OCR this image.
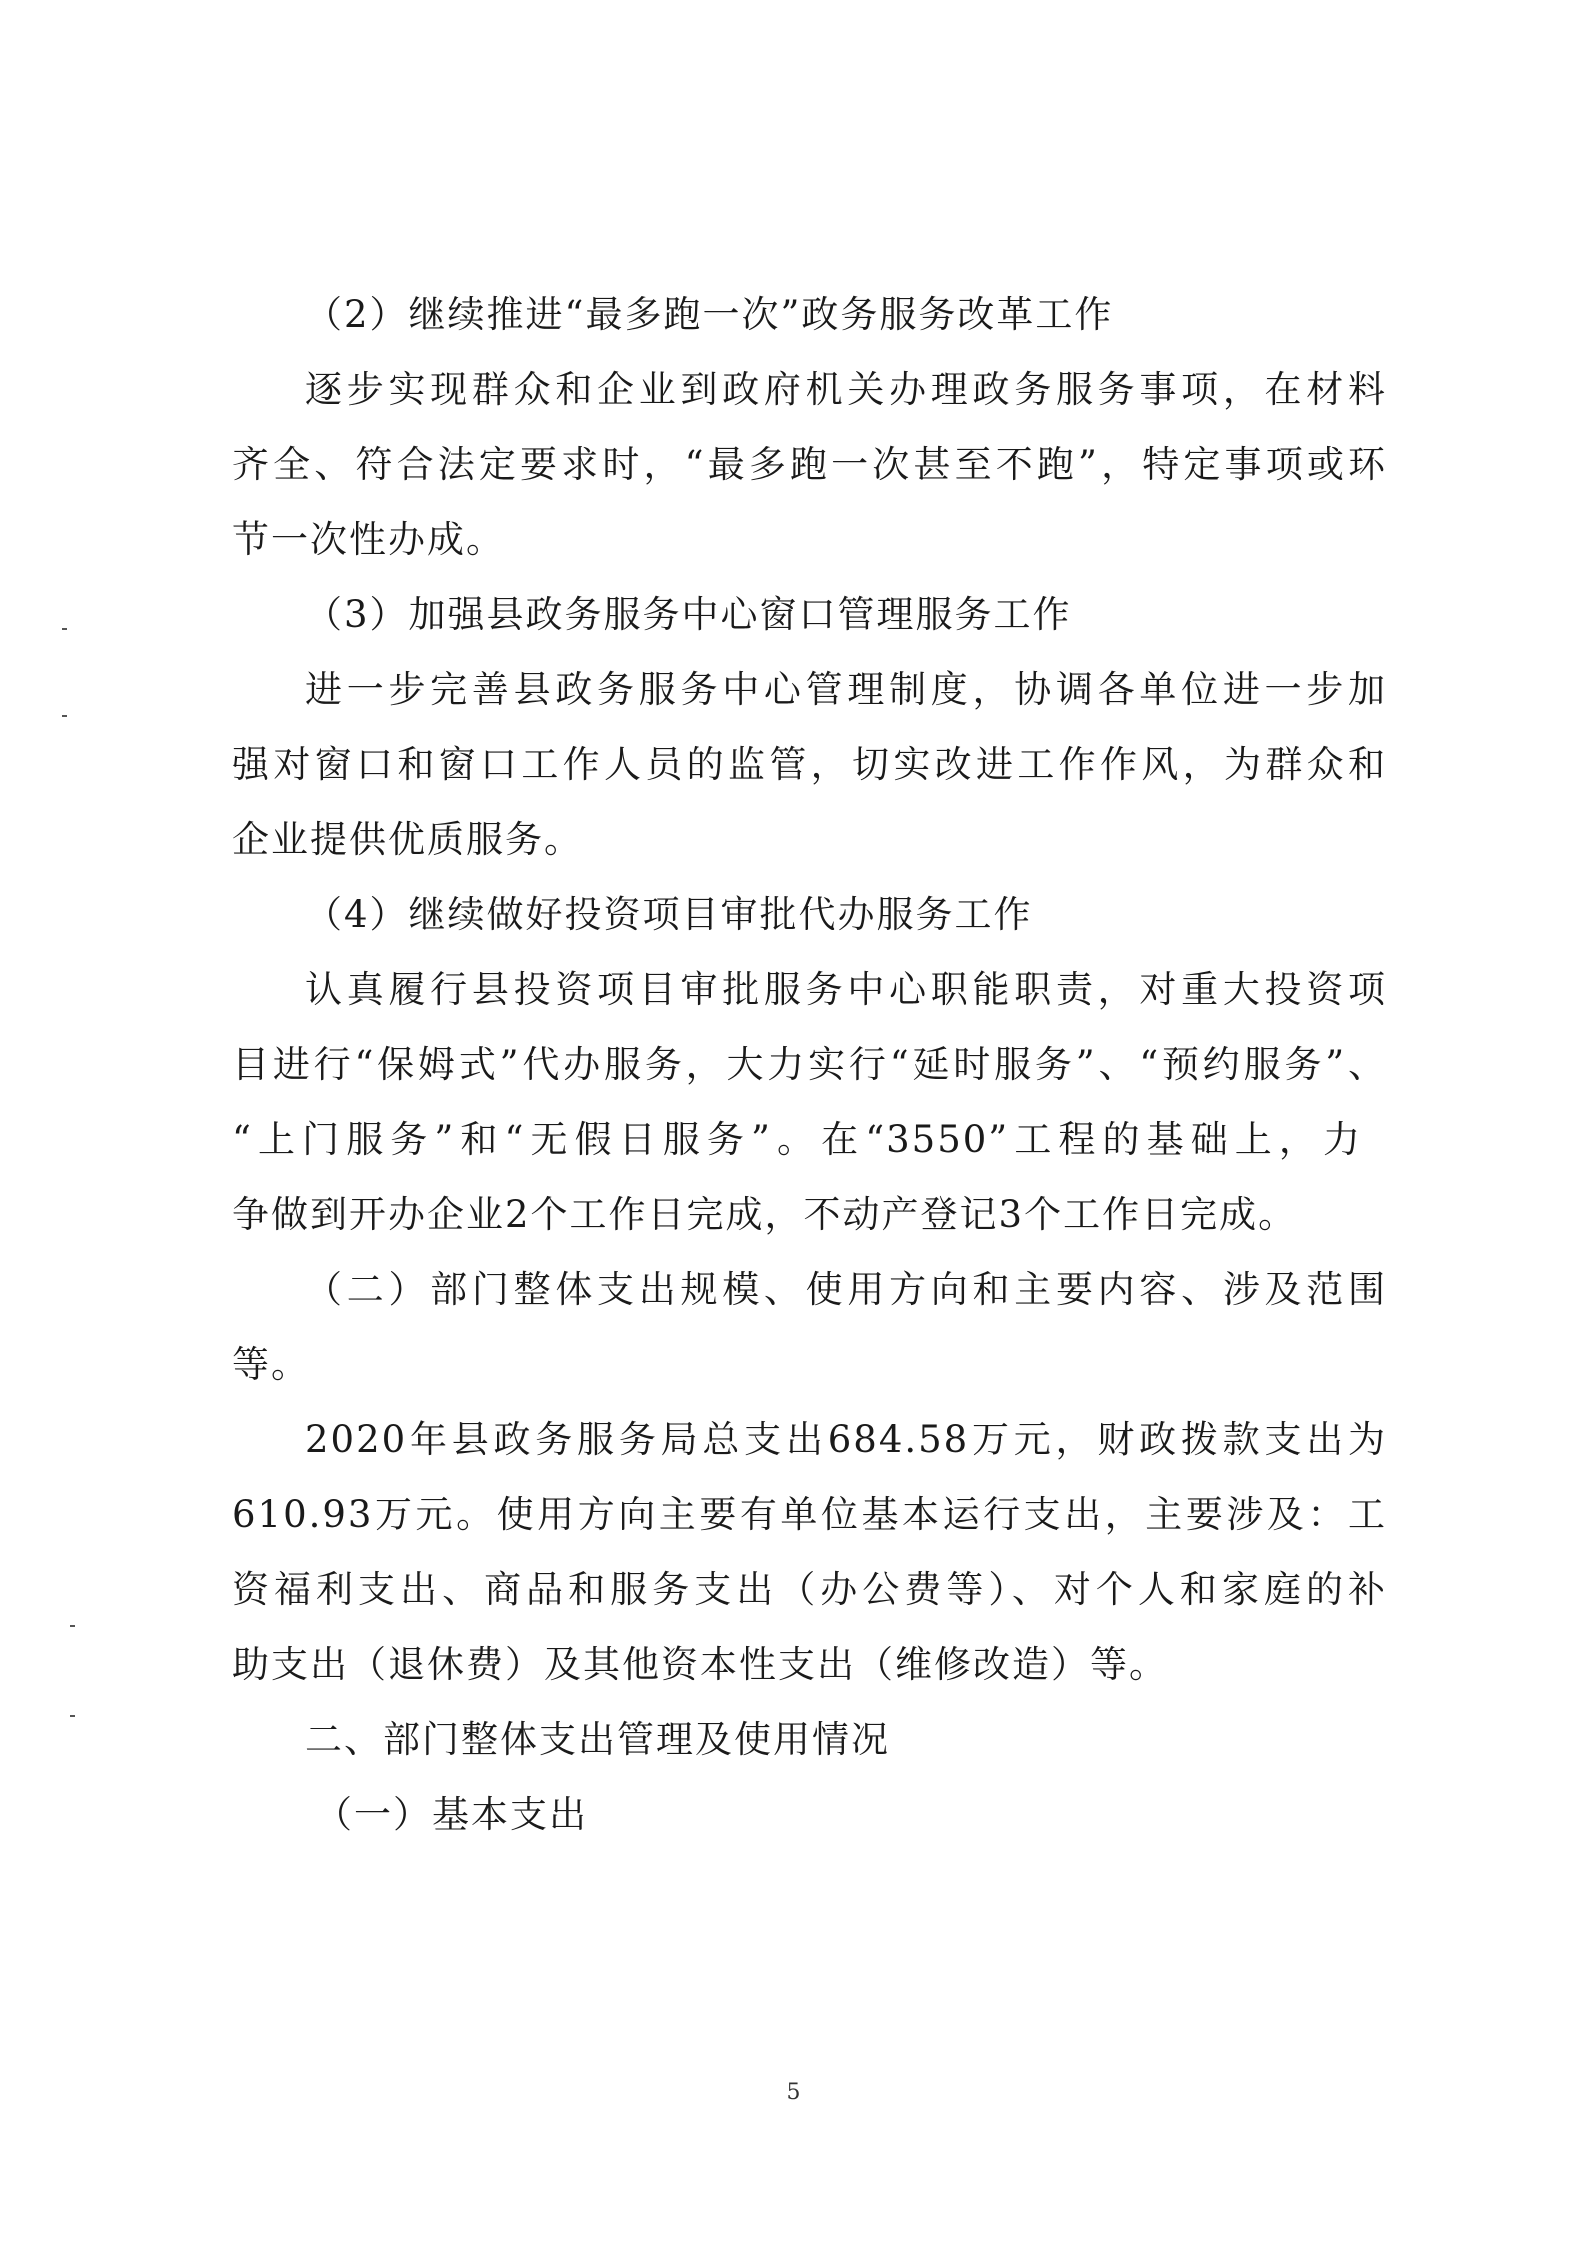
（2）继续推进“最多跑一次”政务服务改革工作
逐步实现群众和企业到政府机关办理政务服务事项，在材料
齐全、符合法定要求时，“最多跑一次甚至不跑”，特定事项或环
节一次性办成。
（3）加强县政务服务中心窗口管理服务工作
进一步完善县政务服务中心管理制度，协调各单位进一步加
强对窗口和窗口工作人员的监管，切实改进工作作风，为群众和
企业提供优质服务。
（4）继续做好投资项目审批代办服务工作
认真履行县投资项目审批服务中心职能职责，对重大投资项
目进行“保姆式”代办服务，大力实行“延时服务”、“预约服务”、
“上门服务”和“无假日服务”。在“3550”工程的基础上，力
争做到开办企业2个工作日完成，不动产登记3个工作日完成。
（二）部门整体支出规模、使用方向和主要内容、涉及范围
等。
2020年县政务服务局总支出684.58万元，财政拨款支出为
610.93万元。使用方向主要有单位基本运行支出，主要涉及：工
资福利支出、商品和服务支出（办公费等）、对个人和家庭的补
助支出（退休费）及其他资本性支出（维修改造）等。
二、部门整体支出管理及使用情况
（一）基本支出
5
